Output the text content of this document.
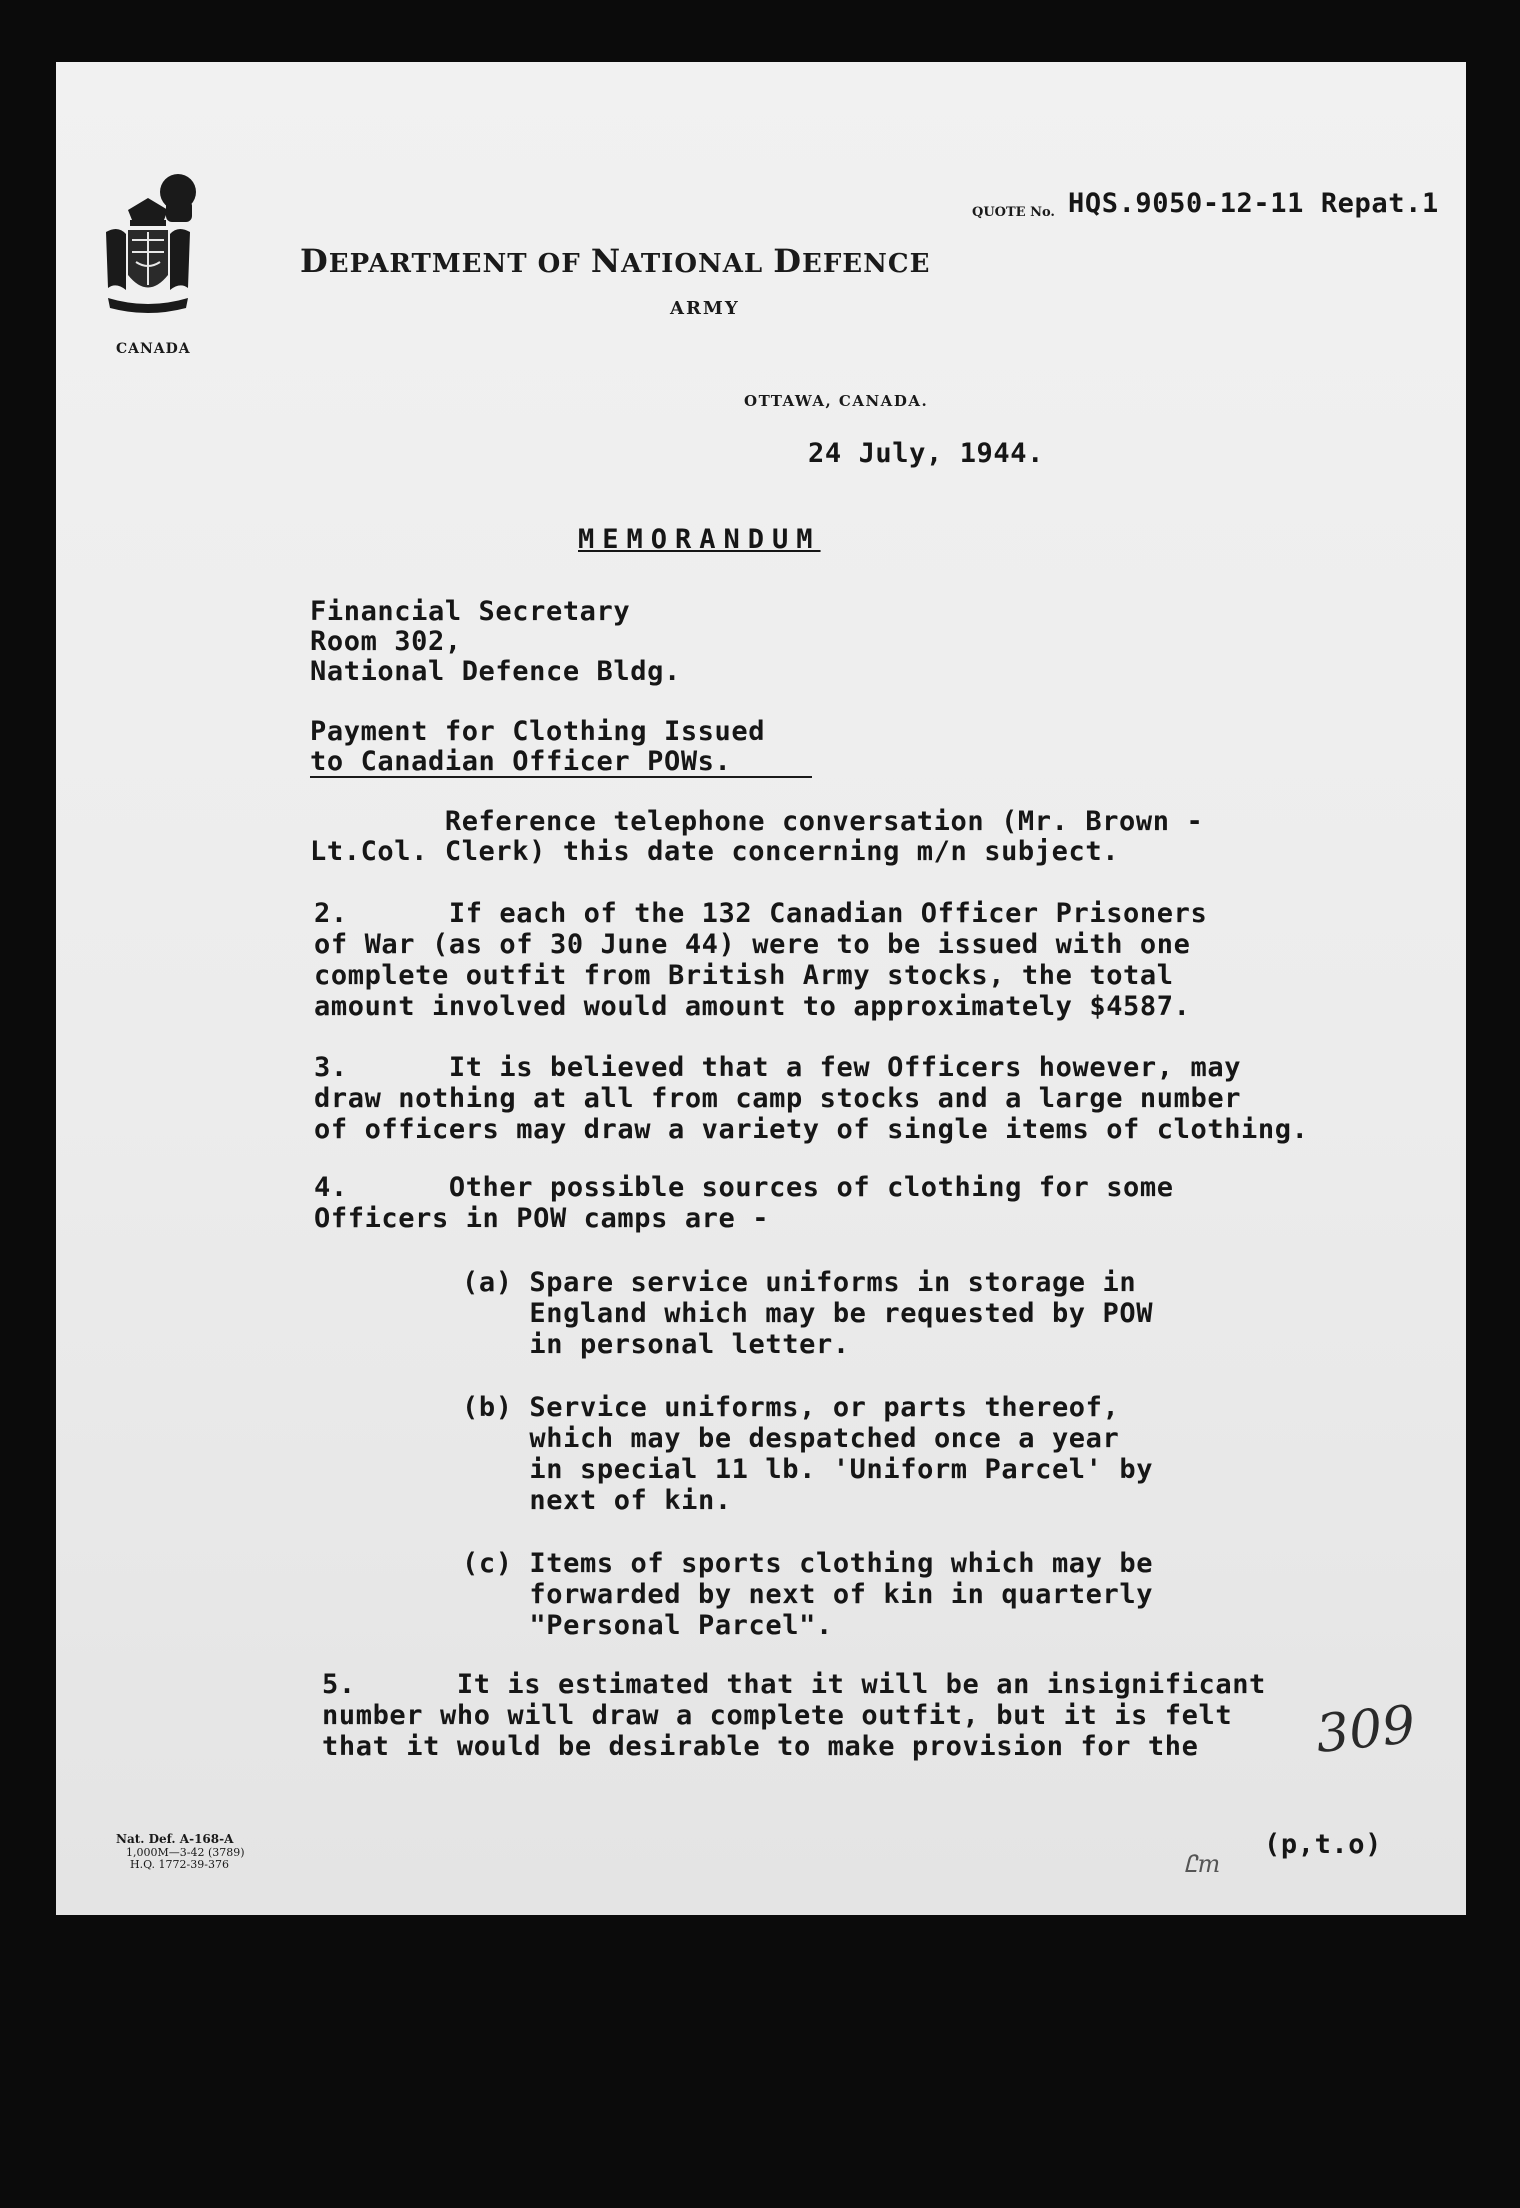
CANADA
QUOTE No. HQS.9050-12-11 Repat.1
DEPARTMENT OF NATIONAL DEFENCE
ARMY
OTTAWA, CANADA.
24 July, 1944.
MEMORANDUM
Financial Secretary
Room 302,
National Defence Bldg.
Payment for Clothing Issued
to Canadian Officer POWs.
Reference telephone conversation (Mr. Brown -
Lt.Col. Clerk) this date concerning m/n subject.
2.      If each of the 132 Canadian Officer Prisoners
of War (as of 30 June 44) were to be issued with one
complete outfit from British Army stocks, the total
amount involved would amount to approximately $4587.
3.      It is believed that a few Officers however, may
draw nothing at all from camp stocks and a large number
of officers may draw a variety of single items of clothing.
4.      Other possible sources of clothing for some
Officers in POW camps are -
(a) Spare service uniforms in storage in
England which may be requested by POW
in personal letter.
(b) Service uniforms, or parts thereof,
which may be despatched once a year
in special 11 lb. 'Uniform Parcel' by
next of kin.
(c) Items of sports clothing which may be
forwarded by next of kin in quarterly
"Personal Parcel".
5.      It is estimated that it will be an insignificant
number who will draw a complete outfit, but it is felt
that it would be desirable to make provision for the 309
Nat. Def. A-168-A
1,000M—3-42 (3789)
H.Q. 1772-39-376	Ꮭm
(p,t.o)
